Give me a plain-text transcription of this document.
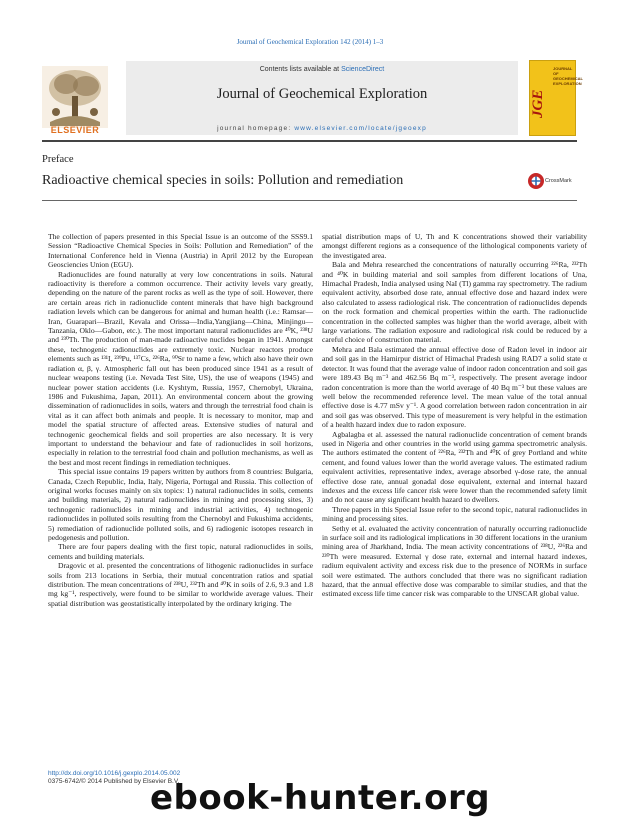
Journal of Geochemical Exploration 142 (2014) 1–3
ELSEVIER
Contents lists available at ScienceDirect
Journal of Geochemical Exploration
journal homepage: www.elsevier.com/locate/jgeoexp
JGE
JOURNAL OF GEOCHEMICAL EXPLORATION
Preface
Radioactive chemical species in soils: Pollution and remediation	CrossMark

The collection of papers presented in this Special Issue is an outcome of the SSS9.1 Session “Radioactive Chemical Species in Soils: Pollution and Remediation” of the International Conference held in Vienna (Austria) in April 2012 by the European Geosciencies Union (EGU).

Radionuclides are found naturally at very low concentrations in soils. Natural radioactivity is therefore a common occurrence. Their activity levels vary greatly, depending on the nature of the parent rocks as well as the type of soil. However, there are certain areas rich in radionuclide content minerals that have high background radiation levels which can be dangerous for animal and human health (i.e.: Ramsar—Iran, Guarapari—Brazil, Kevala and Orissa—India,Yangjiang—China, Minjingu—Tanzania, Oklo—Gabon, etc.). The most important natural radionuclides are ⁴⁰K, ²³⁸U and ²³⁰Th. The production of man-made radioactive nuclides began in 1941. Amongst these, technogenic radionuclides are extremely toxic. Nuclear reactors produce elements such as ¹³¹I, ²³⁹Pu, ¹³⁷Cs, ²²⁶Ra, ⁹⁰Sr to name a few, which also have their own radiation α, β, γ. Atmospheric fall out has been produced since 1941 as a result of nuclear weapons testing (i.e. Nevada Test Site, US), the use of weapons (1945) and nuclear power station accidents (i.e. Kyshtym, Russia, 1957, Chernobyl, Ukraina, 1986 and Fukushima, Japan, 2011). An environmental concern about the growing dissemination of radionuclides in soils, waters and through the terrestrial food chain is vital as it can affect both animals and people. It is necessary to monitor, map and model the spatial structure of affected areas. Extensive studies of natural and technogenic geochemical fields and soil properties are also necessary. It is very important to understand the behaviour and fate of radionuclides in soil horizons, especially in relation to the terrestrial food chain and pollution mechanisms, as well as the best and most recent findings in remediation techniques.

This special issue contains 19 papers written by authors from 8 countries: Bulgaria, Canada, Czech Republic, India, Italy, Nigeria, Portugal and Russia. This collection of original works focuses mainly on six topics: 1) natural radionuclides in soils, cements and building materials, 2) natural radionuclides in mining and processing sites, 3) technogenic radionuclides in mining and industrial activities, 4) technogenic radionuclides in polluted soils resulting from the Chernobyl and Fukushima accidents, 5) remediation of radionuclide polluted soils, and 6) radiogenic isotopes research in pedogenesis and pollution.

There are four papers dealing with the first topic, natural radionuclides in soils, cements and building materials.

Dragovic et al. presented the concentrations of lithogenic radionuclides in surface soils from 213 locations in Serbia, their mutual concentration ratios and spatial distribution. The mean concentrations of ²³⁸U, ²³²Th and ⁴⁰K in soils of 2.6, 9.3 and 1.8 mg kg⁻¹, respectively, were found to be similar to worldwide average values. Their spatial distribution was geostatistically interpolated by the ordinary kriging. The

spatial distribution maps of U, Th and K concentrations showed their variability amongst different regions as a consequence of the lithological components variety of the investigated area.

Bala and Mehra researched the concentrations of naturally occurring ²²⁶Ra, ²³²Th and ⁴⁰K in building material and soil samples from different locations of Una, Himachal Pradesh, India analysed using NaI (Tl) gamma ray spectrometry. The radium equivalent activity, absorbed dose rate, annual effective dose and hazard index were also calculated to assess radiological risk. The concentration of radionuclides depends on the rock formation and chemical properties within the earth. The radionuclide concentration in the collected samples was higher than the world average, albeit with large variations. The radiation exposure and radiological risk could be reduced by a careful choice of construction material.

Mehra and Bala estimated the annual effective dose of Radon level in indoor air and soil gas in the Hamirpur district of Himachal Pradesh using RAD7 a solid state α detector. It was found that the average value of indoor radon concentration and soil gas were 189.43 Bq m⁻³ and 462.56 Bq m⁻³, respectively. The present average indoor radon concentration is more than the world average of 40 Bq m⁻³ but these values are well below the recommended reference level. The mean value of the total annual effective dose is 4.77 mSv y⁻¹. A good correlation between radon concentration in air and soil gas was observed. This type of measurement is very helpful in the estimation of a health hazard index due to radon exposure.

Agbalagba et al. assessed the natural radionuclide concentration of cement brands used in Nigeria and other countries in the world using gamma spectrometric analysis. The authors estimated the content of ²²⁶Ra, ²³²Th and ⁴⁰K of grey Portland and white cement, and found values lower than the world average values. The estimated radium equivalent activities, representative index, average absorbed γ-dose rate, the annual effective dose rate, annual gonadal dose equivalent, external and internal hazard indexes and the excess life cancer risk were lower than the recommended safety limit and do not cause any significant health hazard to dwellers.

Three papers in this Special Issue refer to the second topic, natural radionuclides in mining and processing sites.

Sethy et al. evaluated the activity concentration of naturally occurring radionuclide in surface soil and its radiological implications in 30 different locations in the uranium mining area of Jharkhand, India. The mean activity concentrations of ²³⁸U, ²²⁶Ra and ²³⁰Th were measured. External γ dose rate, external and internal hazard indexes, radium equivalent activity and excess risk due to the presence of NORMs in surface soil were estimated. The authors concluded that there was no significant radiation hazard, that the annual effective dose was comparable to similar studies, and that the estimated excess life time cancer risk was comparable to the UNSCAR global value.

http://dx.doi.org/10.1016/j.gexplo.2014.05.002
0375-6742/© 2014 Published by Elsevier B.V.
ebook-hunter.org
